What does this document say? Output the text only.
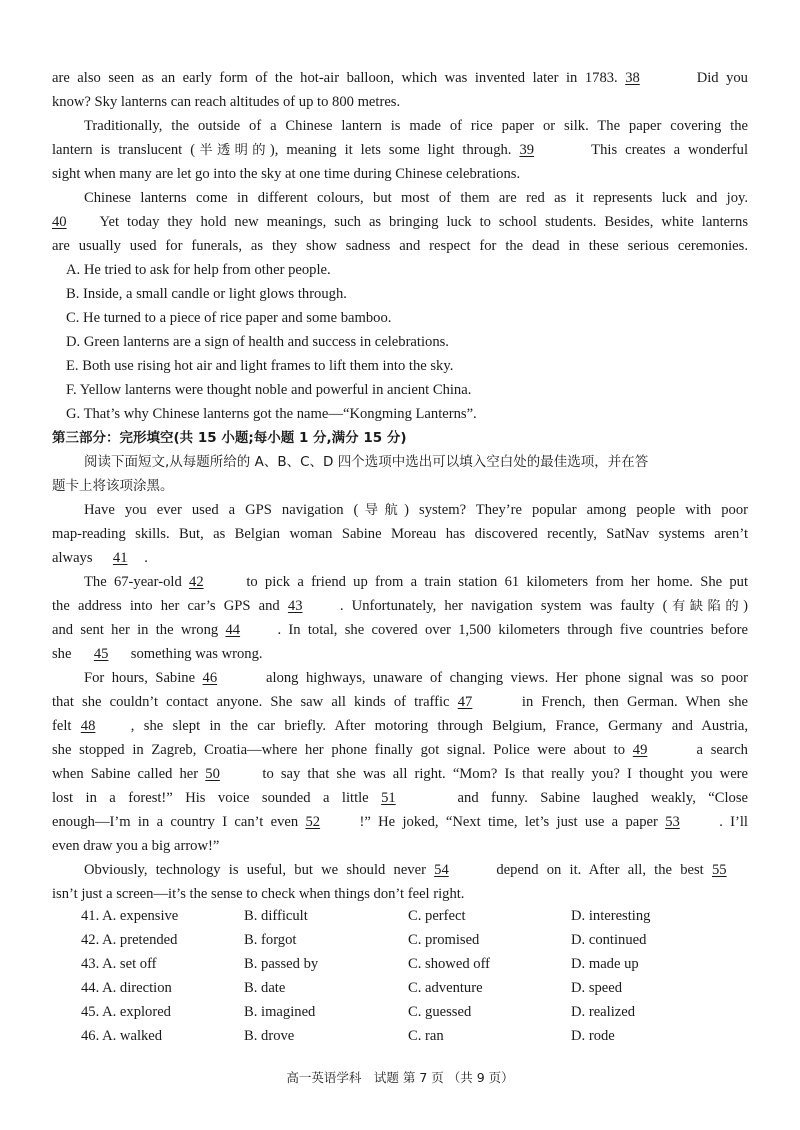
are also seen as an early form of the hot-air balloon, which was invented later in 1783. 38	Did you
know? Sky lanterns can reach altitudes of up to 800 metres.
Traditionally, the outside of a Chinese lantern is made of rice paper or silk. The paper covering the
lantern is translucent (半透明的), meaning it lets some light through. 39	This creates a wonderful
sight when many are let go into the sky at one time during Chinese celebrations.
Chinese lanterns come in different colours, but most of them are red as it represents luck and joy.
40 Yet today they hold new meanings, such as bringing luck to school students. Besides, white lanterns
are usually used for funerals, as they show sadness and respect for the dead in these serious ceremonies.
A. He tried to ask for help from other people.
B. Inside, a small candle or light glows through.
C. He turned to a piece of rice paper and some bamboo.
D. Green lanterns are a sign of health and success in celebrations.
E. Both use rising hot air and light frames to lift them into the sky.
F. Yellow lanterns were thought noble and powerful in ancient China.
G. That’s why Chinese lanterns got the name—“Kongming Lanterns”.
第三部分：完形填空(共 15 小题;每小题 1 分,满分 15 分)
阅读下面短文,从每题所给的 A、B、C、D 四个选项中选出可以填入空白处的最佳选项，并在答
题卡上将该项涂黑。
Have you ever used a GPS navigation (导航) system? They’re popular among people with poor
map-reading skills. But, as Belgian woman Sabine Moreau has discovered recently, SatNav systems aren’t
always 41 .
The 67-year-old 42	to pick a friend up from a train station 61 kilometers from her home. She put
the address into her car’s GPS and 43	. Unfortunately, her navigation system was faulty (有缺陷的)
and sent her in the wrong 44	. In total, she covered over 1,500 kilometers through five countries before
she 45 something was wrong.
For hours, Sabine 46	along highways, unaware of changing views. Her phone signal was so poor
that she couldn’t contact anyone. She saw all kinds of traffic 47	in French, then German. When she
felt 48 , she slept in the car briefly. After motoring through Belgium, France, Germany and Austria,
she stopped in Zagreb, Croatia—where her phone finally got signal. Police were about to 49	a search
when Sabine called her 50	to say that she was all right. “Mom? Is that really you? I thought you were
lost in a forest!” His voice sounded a little 51	and funny. Sabine laughed weakly, “Close
enough—I’m in a country I can’t even 52	!” He joked, “Next time, let’s just use a paper 53	. I’ll
even draw you a big arrow!”
Obviously, technology is useful, but we should never 54	depend on it. After all, the best 55
isn’t just a screen—it’s the sense to check when things don’t feel right.
41. A. expensive	B. difficult	C. perfect	D. interesting
42. A. pretended	B. forgot	C. promised	D. continued
43. A. set off	B. passed by	C. showed off	D. made up
44. A. direction	B. date	C. adventure	D. speed
45. A. explored	B. imagined	C. guessed	D. realized
46. A. walked	B. drove	C. ran	D. rode
高一英语学科　试题 第 7 页 （共 9 页）
